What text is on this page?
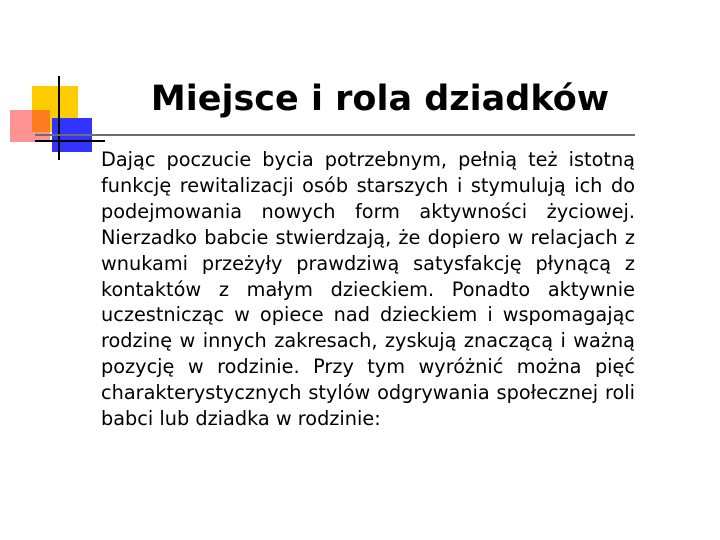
Miejsce i rola dziadków
Dając poczucie bycia potrzebnym, pełnią też istotną funkcję rewitalizacji osób starszych i stymulują ich do podejmowania nowych form aktywności życiowej. Nierzadko babcie stwierdzają, że dopiero w relacjach z wnukami przeżyły prawdziwą satysfakcję płynącą z kontaktów z małym dzieckiem. Ponadto aktywnie uczestnicząc w opiece nad dzieckiem i wspomagając rodzinę w innych zakresach, zyskują znaczącą i ważną pozycję w rodzinie. Przy tym wyróżnić można pięć charakterystycznych stylów odgrywania społecznej roli babci lub dziadka w rodzinie:
